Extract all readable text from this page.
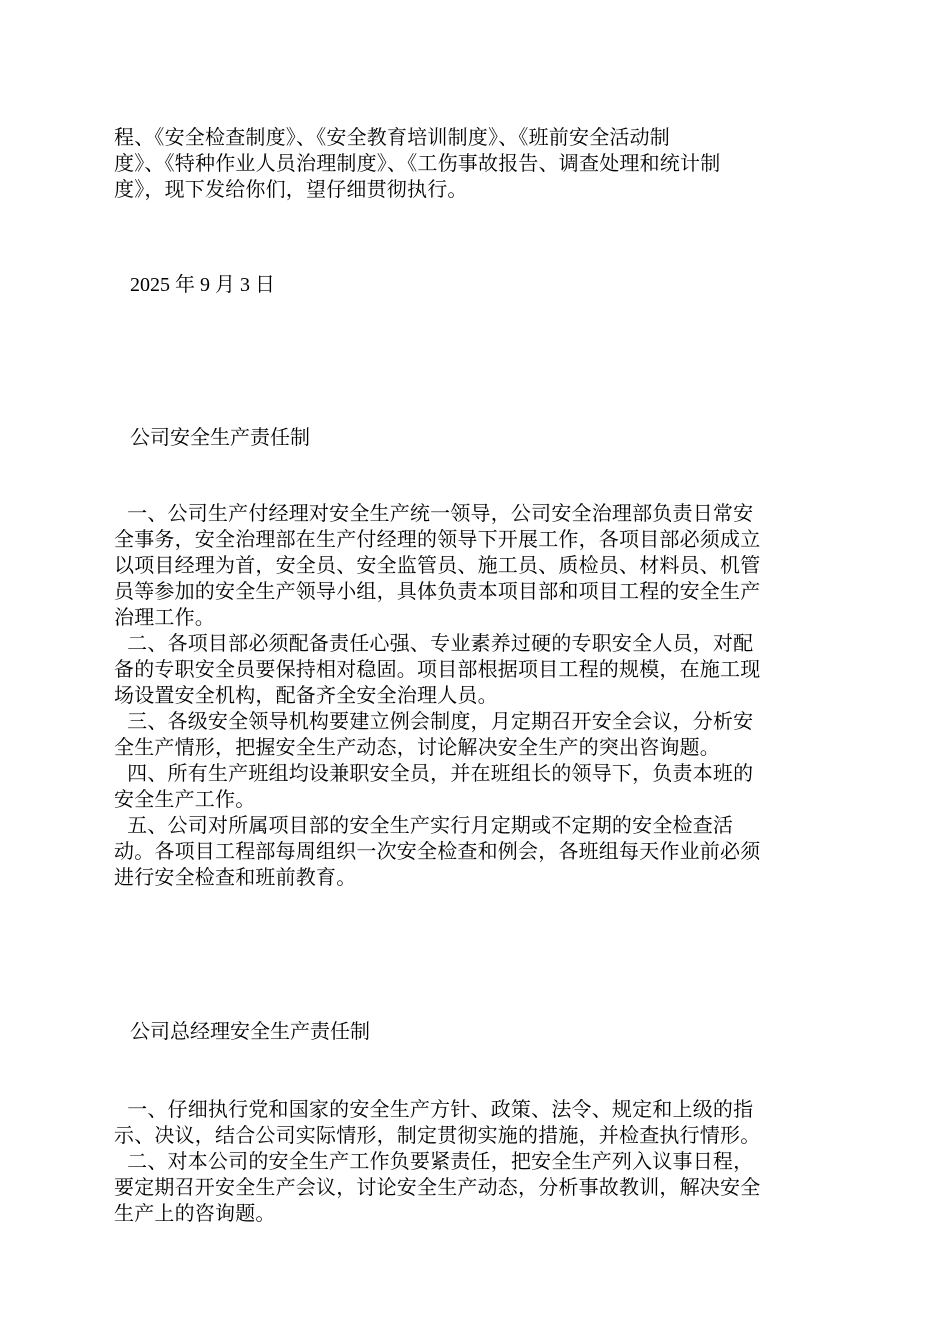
程、《安全检查制度》、《安全教育培训制度》、《班前安全活动制
度》、《特种作业人员治理制度》、《工伤事故报告、调查处理和统计制
度》，现下发给你们，望仔细贯彻执行。
2025 年 9 月 3 日
公司安全生产责任制
一、公司生产付经理对安全生产统一领导，公司安全治理部负责日常安
全事务，安全治理部在生产付经理的领导下开展工作，各项目部必须成立
以项目经理为首，安全员、安全监管员、施工员、质检员、材料员、机管
员等参加的安全生产领导小组，具体负责本项目部和项目工程的安全生产
治理工作。
二、各项目部必须配备责任心强、专业素养过硬的专职安全人员，对配
备的专职安全员要保持相对稳固。项目部根据项目工程的规模，在施工现
场设置安全机构，配备齐全安全治理人员。
三、各级安全领导机构要建立例会制度，月定期召开安全会议，分析安
全生产情形，把握安全生产动态，讨论解决安全生产的突出咨询题。
四、所有生产班组均设兼职安全员，并在班组长的领导下，负责本班的
安全生产工作。
五、公司对所属项目部的安全生产实行月定期或不定期的安全检查活
动。各项目工程部每周组织一次安全检查和例会，各班组每天作业前必须
进行安全检查和班前教育。
公司总经理安全生产责任制
一、仔细执行党和国家的安全生产方针、政策、法令、规定和上级的指
示、决议，结合公司实际情形，制定贯彻实施的措施，并检查执行情形。
二、对本公司的安全生产工作负要紧责任，把安全生产列入议事日程，
要定期召开安全生产会议，讨论安全生产动态，分析事故教训，解决安全
生产上的咨询题。
